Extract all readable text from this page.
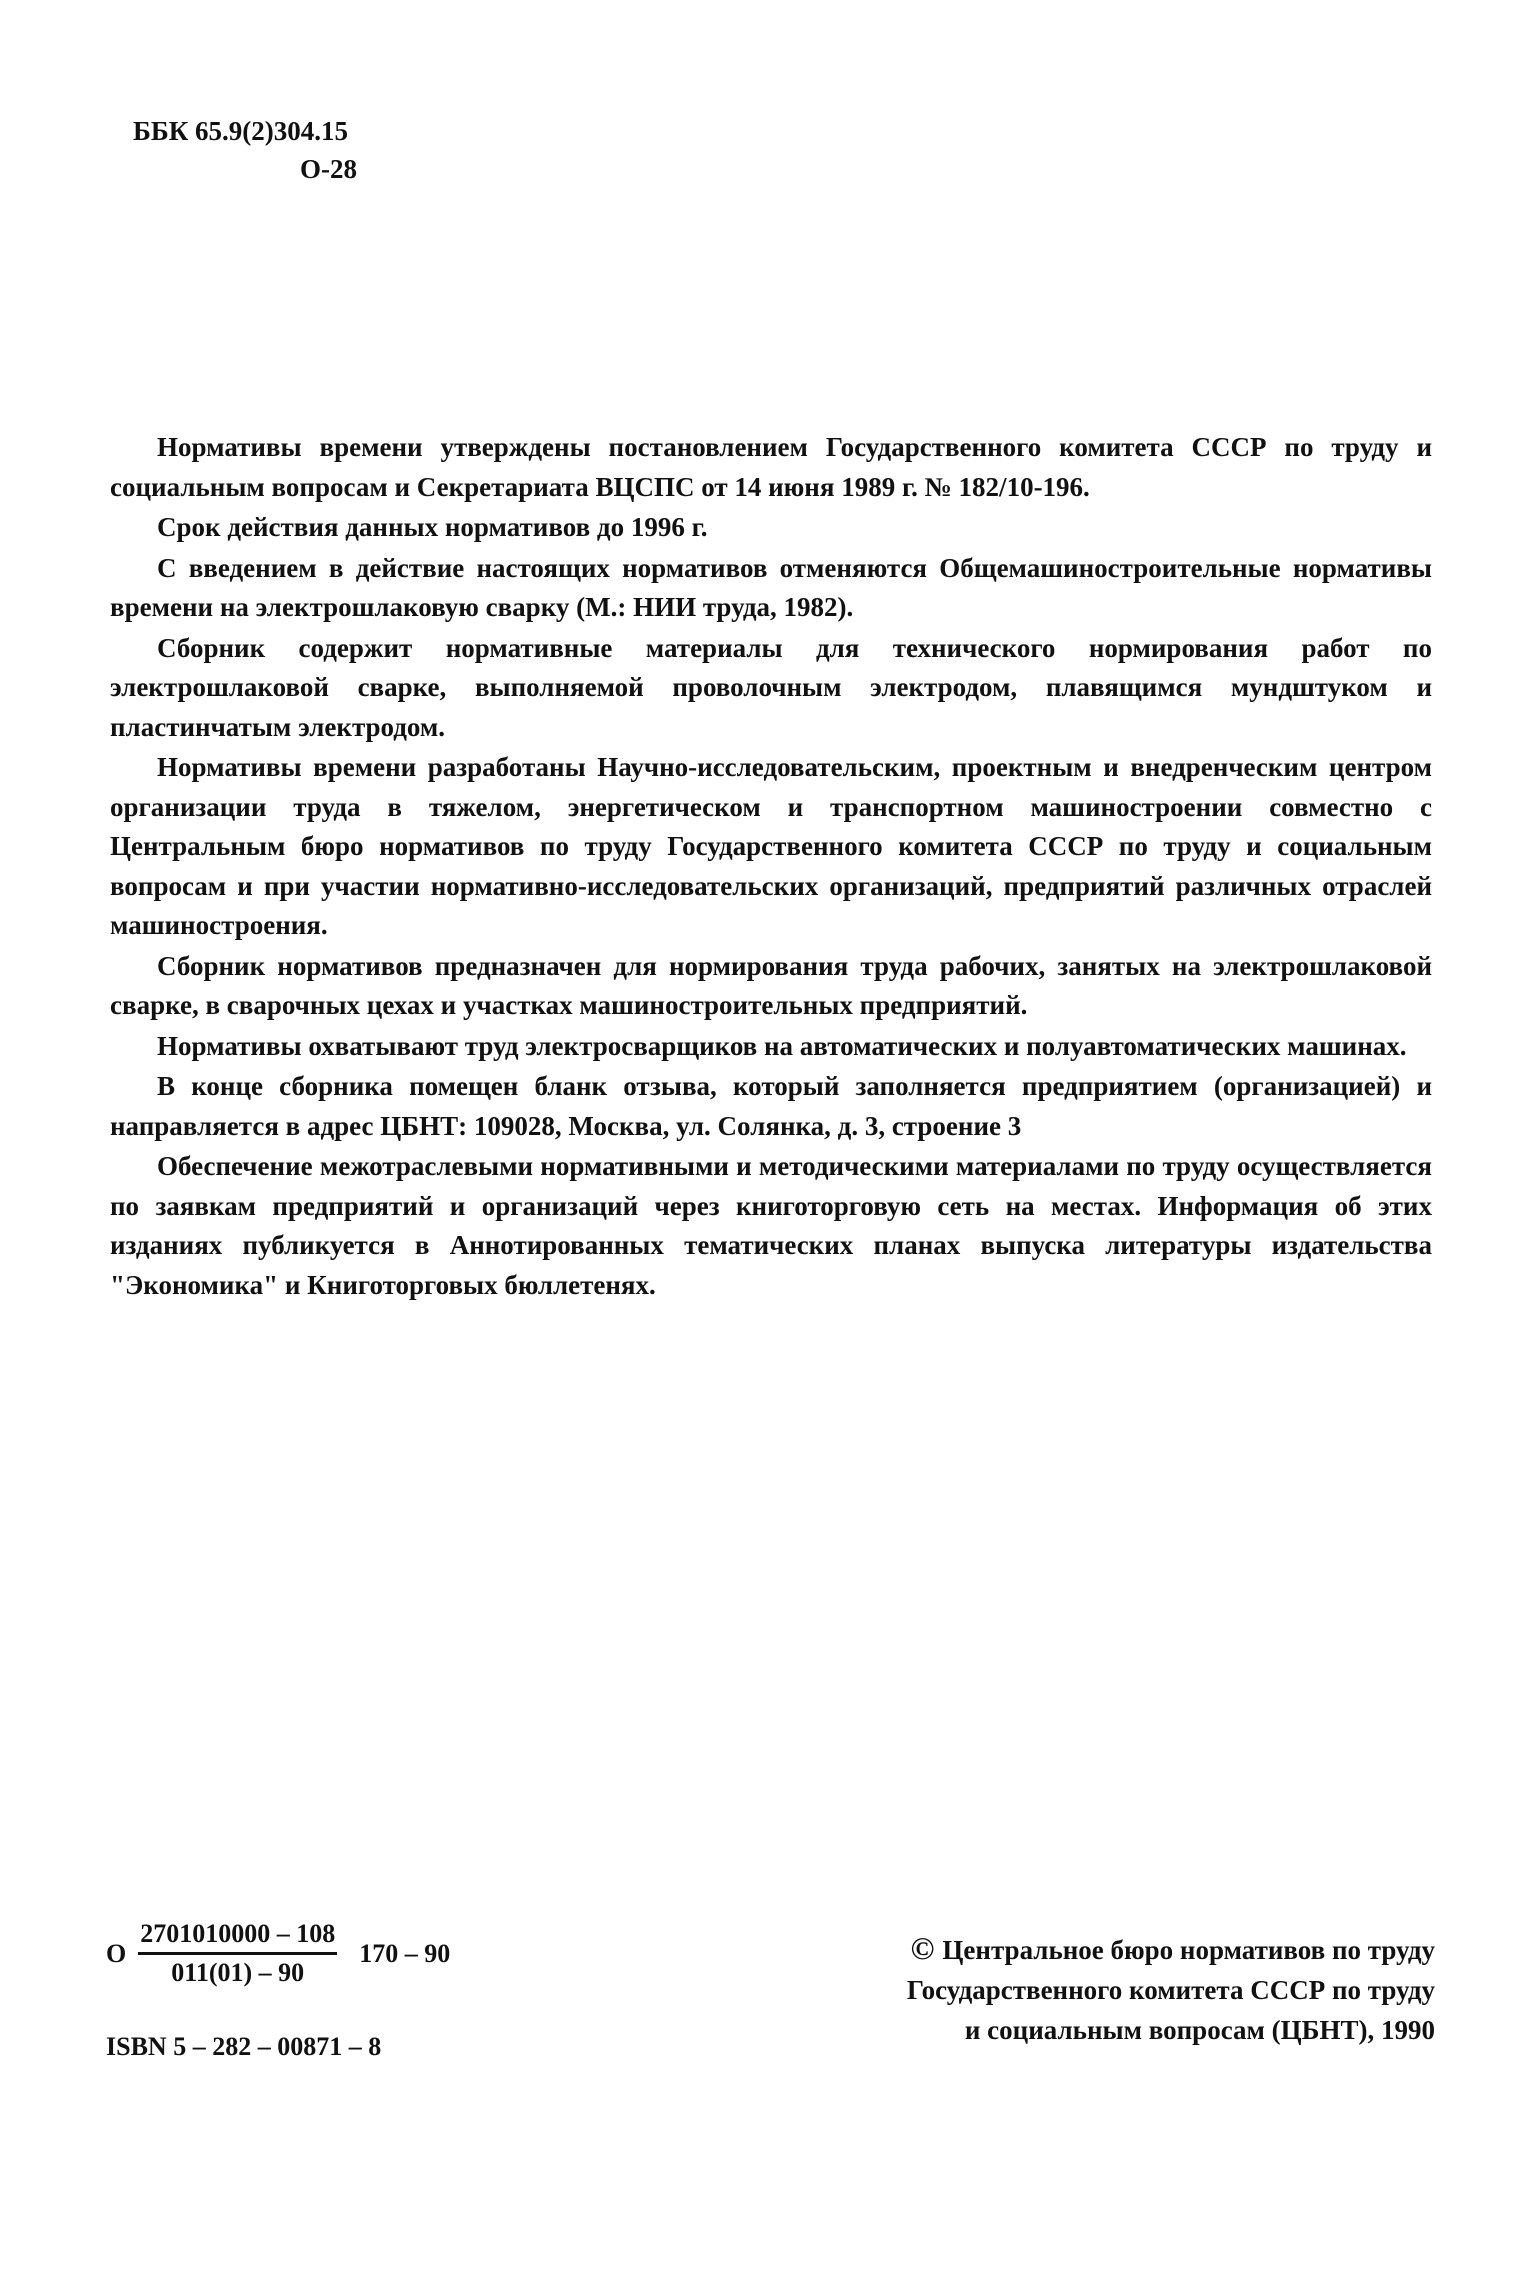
ББК 65.9(2)304.15
О-28

Нормативы времени утверждены постановлением Государственного комитета СССР по труду и социальным вопросам и Секретариата ВЦСПС от 14 июня 1989 г. № 182/10-196.

Срок действия данных нормативов до 1996 г.

С введением в действие настоящих нормативов отменяются Общемашиностроительные нормативы времени на электрошлаковую сварку (М.: НИИ труда, 1982).

Сборник содержит нормативные материалы для технического нормирования работ по электрошлаковой сварке, выполняемой проволочным электродом, плавящимся мундштуком и пластинчатым электродом.

Нормативы времени разработаны Научно-исследовательским, проектным и внедренческим центром организации труда в тяжелом, энергетическом и транспортном машиностроении совместно с Центральным бюро нормативов по труду Государственного комитета СССР по труду и социальным вопросам и при участии нормативно-исследовательских организаций, предприятий различных отраслей машиностроения.

Сборник нормативов предназначен для нормирования труда рабочих, занятых на электрошлаковой сварке, в сварочных цехах и участках машиностроительных предприятий.

Нормативы охватывают труд электросварщиков на автоматических и полуавтоматических машинах.

В конце сборника помещен бланк отзыва, который заполняется предприятием (организацией) и направляется в адрес ЦБНТ: 109028, Москва, ул. Солянка, д. 3, строение 3

Обеспечение межотраслевыми нормативными и методическими материалами по труду осуществляется по заявкам предприятий и организаций через книготорговую сеть на местах. Информация об этих изданиях публикуется в Аннотированных тематических планах выпуска литературы издательства "Экономика" и Книготорговых бюллетенях.

О $\frac{2701010000 - 108}{011(01) - 90} 170 - 90$
ISBN 5 – 282 – 00871 – 8
© Центральное бюро нормативов по труду
Государственного комитета СССР по труду
и социальным вопросам (ЦБНТ), 1990
